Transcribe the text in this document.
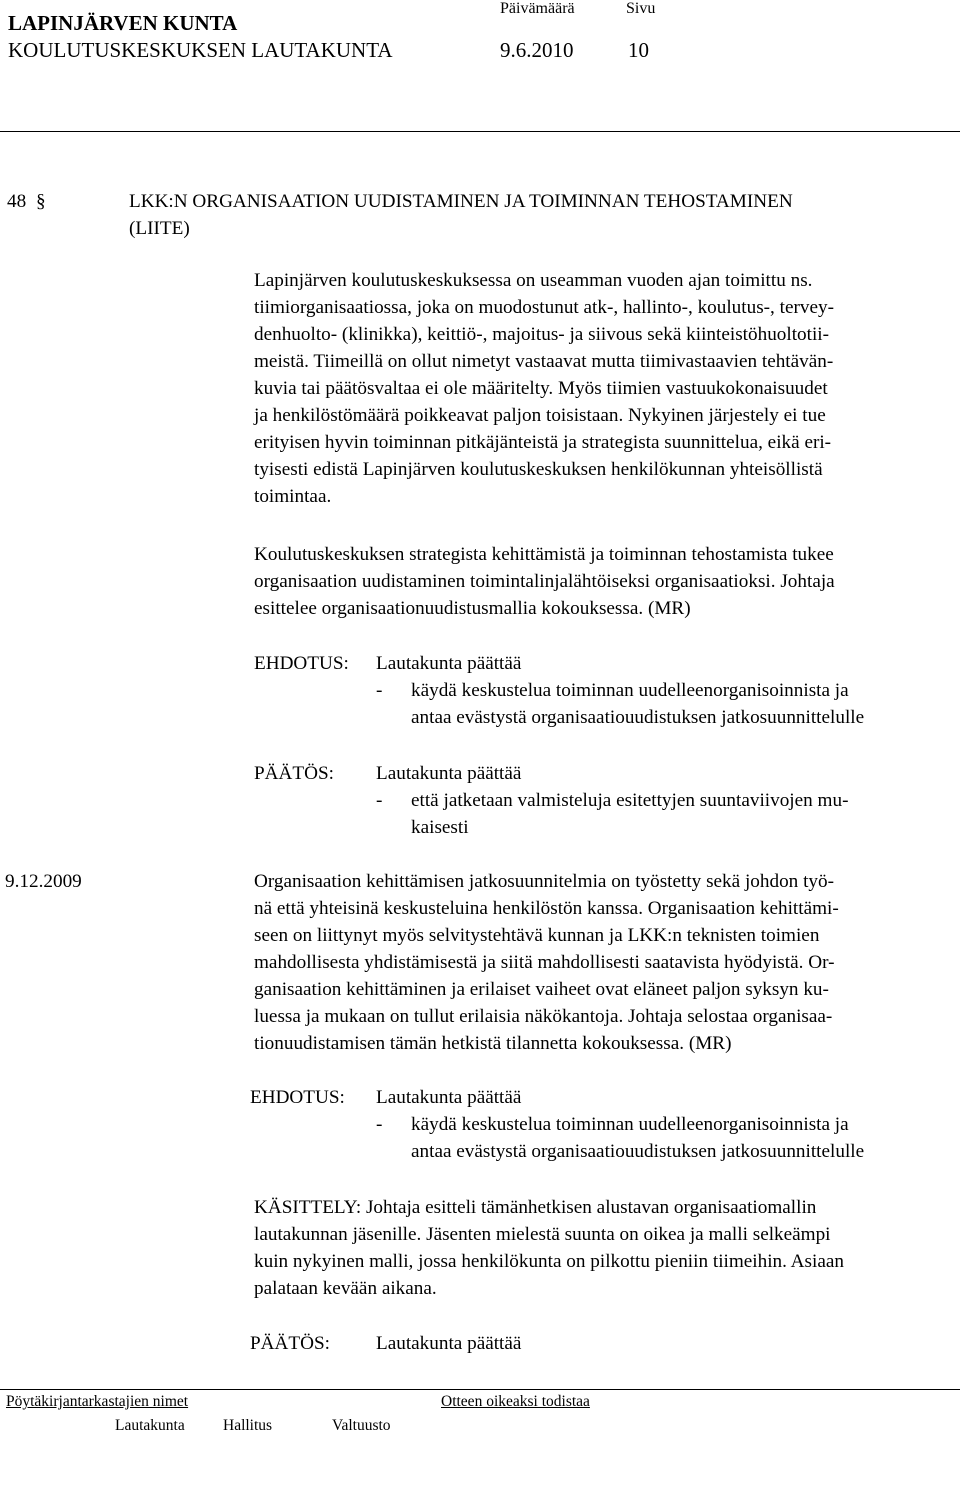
LAPINJÄRVEN KUNTA
Päivämäärä	Sivu
KOULUTUSKESKUKSEN LAUTAKUNTA	9.6.2010	10
48 §	LKK:N ORGANISAATION UUDISTAMINEN JA TOIMINNAN TEHOSTAMINEN
(LIITE)
Lapinjärven koulutuskeskuksessa on useamman vuoden ajan toimittu ns.
tiimiorganisaatiossa, joka on muodostunut atk-, hallinto-, koulutus-, tervey-
denhuolto- (klinikka), keittiö-, majoitus- ja siivous sekä kiinteistöhuoltotii-
meistä. Tiimeillä on ollut nimetyt vastaavat mutta tiimivastaavien tehtävän-
kuvia tai päätösvaltaa ei ole määritelty. Myös tiimien vastuukokonaisuudet
ja henkilöstömäärä poikkeavat paljon toisistaan. Nykyinen järjestely ei tue
erityisen hyvin toiminnan pitkäjänteistä ja strategista suunnittelua, eikä eri-
tyisesti edistä Lapinjärven koulutuskeskuksen henkilökunnan yhteisöllistä
toimintaa.
Koulutuskeskuksen strategista kehittämistä ja toiminnan tehostamista tukee
organisaation uudistaminen toimintalinjalähtöiseksi organisaatioksi. Johtaja
esittelee organisaationuudistusmallia kokouksessa. (MR)
EHDOTUS: Lautakunta päättää
- käydä keskustelua toiminnan uudelleenorganisoinnista ja
antaa evästystä organisaatiouudistuksen jatkosuunnittelulle
PÄÄTÖS: Lautakunta päättää
- että jatketaan valmisteluja esitettyjen suuntaviivojen mu-
kaisesti
9.12.2009	Organisaation kehittämisen jatkosuunnitelmia on työstetty sekä johdon työ-
nä että yhteisinä keskusteluina henkilöstön kanssa. Organisaation kehittämi-
seen on liittynyt myös selvitystehtävä kunnan ja LKK:n teknisten toimien
mahdollisesta yhdistämisestä ja siitä mahdollisesti saatavista hyödyistä. Or-
ganisaation kehittäminen ja erilaiset vaiheet ovat eläneet paljon syksyn ku-
luessa ja mukaan on tullut erilaisia näkökantoja. Johtaja selostaa organisaa-
tionuudistamisen tämän hetkistä tilannetta kokouksessa. (MR)
EHDOTUS: Lautakunta päättää
- käydä keskustelua toiminnan uudelleenorganisoinnista ja
antaa evästystä organisaatiouudistuksen jatkosuunnittelulle
KÄSITTELY: Johtaja esitteli tämänhetkisen alustavan organisaatiomallin
lautakunnan jäsenille. Jäsenten mielestä suunta on oikea ja malli selkeämpi
kuin nykyinen malli, jossa henkilökunta on pilkottu pieniin tiimeihin. Asiaan
palataan kevään aikana.
PÄÄTÖS: Lautakunta päättää
Pöytäkirjantarkastajien nimet	Otteen oikeaksi todistaa
Lautakunta Hallitus	Valtuusto
